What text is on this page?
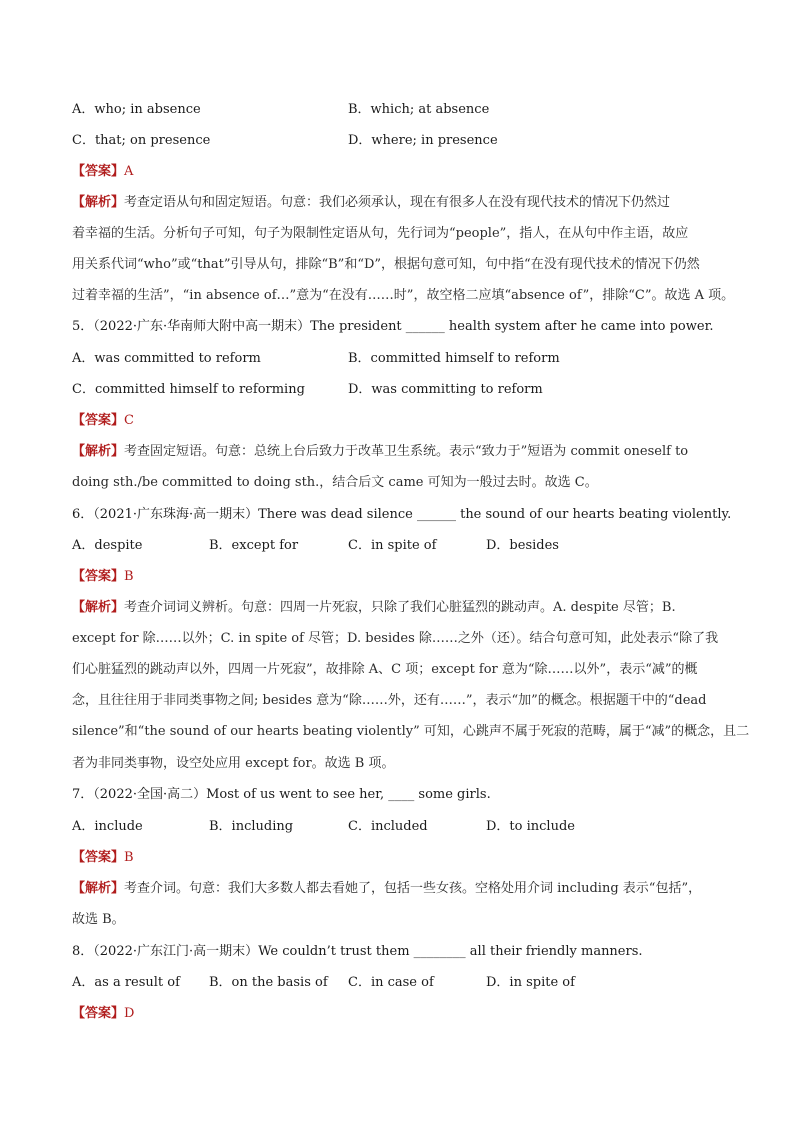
A．who; in absence	B．which; at absence
C．that; on presence	D．where; in presence
【答案】A
【解析】考查定语从句和固定短语。句意：我们必须承认，现在有很多人在没有现代技术的情况下仍然过
着幸福的生活。分析句子可知，句子为限制性定语从句，先行词为“people”，指人，在从句中作主语，故应
用关系代词“who”或“that”引导从句，排除“B”和“D”，根据句意可知，句中指“在没有现代技术的情况下仍然
过着幸福的生活”，“in absence of…”意为“在没有……时”，故空格二应填“absence of”，排除“C”。故选 A 项。
5．（2022·广东·华南师大附中高一期末）The president ______ health system after he came into power.
A．was committed to reform	B．committed himself to reform
C．committed himself to reforming	D．was committing to reform
【答案】C
【解析】考查固定短语。句意：总统上台后致力于改革卫生系统。表示“致力于”短语为 commit oneself to
doing sth./be committed to doing sth.，结合后文 came 可知为一般过去时。故选 C。
6．（2021·广东珠海·高一期末）There was dead silence ______ the sound of our hearts beating violently.
A．despite	B．except for	C．in spite of	D．besides
【答案】B
【解析】考查介词词义辨析。句意：四周一片死寂，只除了我们心脏猛烈的跳动声。A. despite 尽管；B.
except for 除……以外；C. in spite of 尽管；D. besides 除……之外（还）。结合句意可知，此处表示“除了我
们心脏猛烈的跳动声以外，四周一片死寂”，故排除 A、C 项；except for 意为“除……以外”，表示“减”的概
念，且往往用于非同类事物之间; besides 意为“除……外，还有……”，表示“加”的概念。根据题干中的“dead
silence”和“the sound of our hearts beating violently” 可知，心跳声不属于死寂的范畴，属于“减”的概念，且二
者为非同类事物，设空处应用 except for。故选 B 项。
7．（2022·全国·高二）Most of us went to see her, ____ some girls.
A．include	B．including	C．included	D．to include
【答案】B
【解析】考查介词。句意：我们大多数人都去看她了，包括一些女孩。空格处用介词 including 表示“包括”，
故选 B。
8．（2022·广东江门·高一期末）We couldn’t trust them ________ all their friendly manners.
A．as a result of B．on the basis of C．in case of	D．in spite of
【答案】D
